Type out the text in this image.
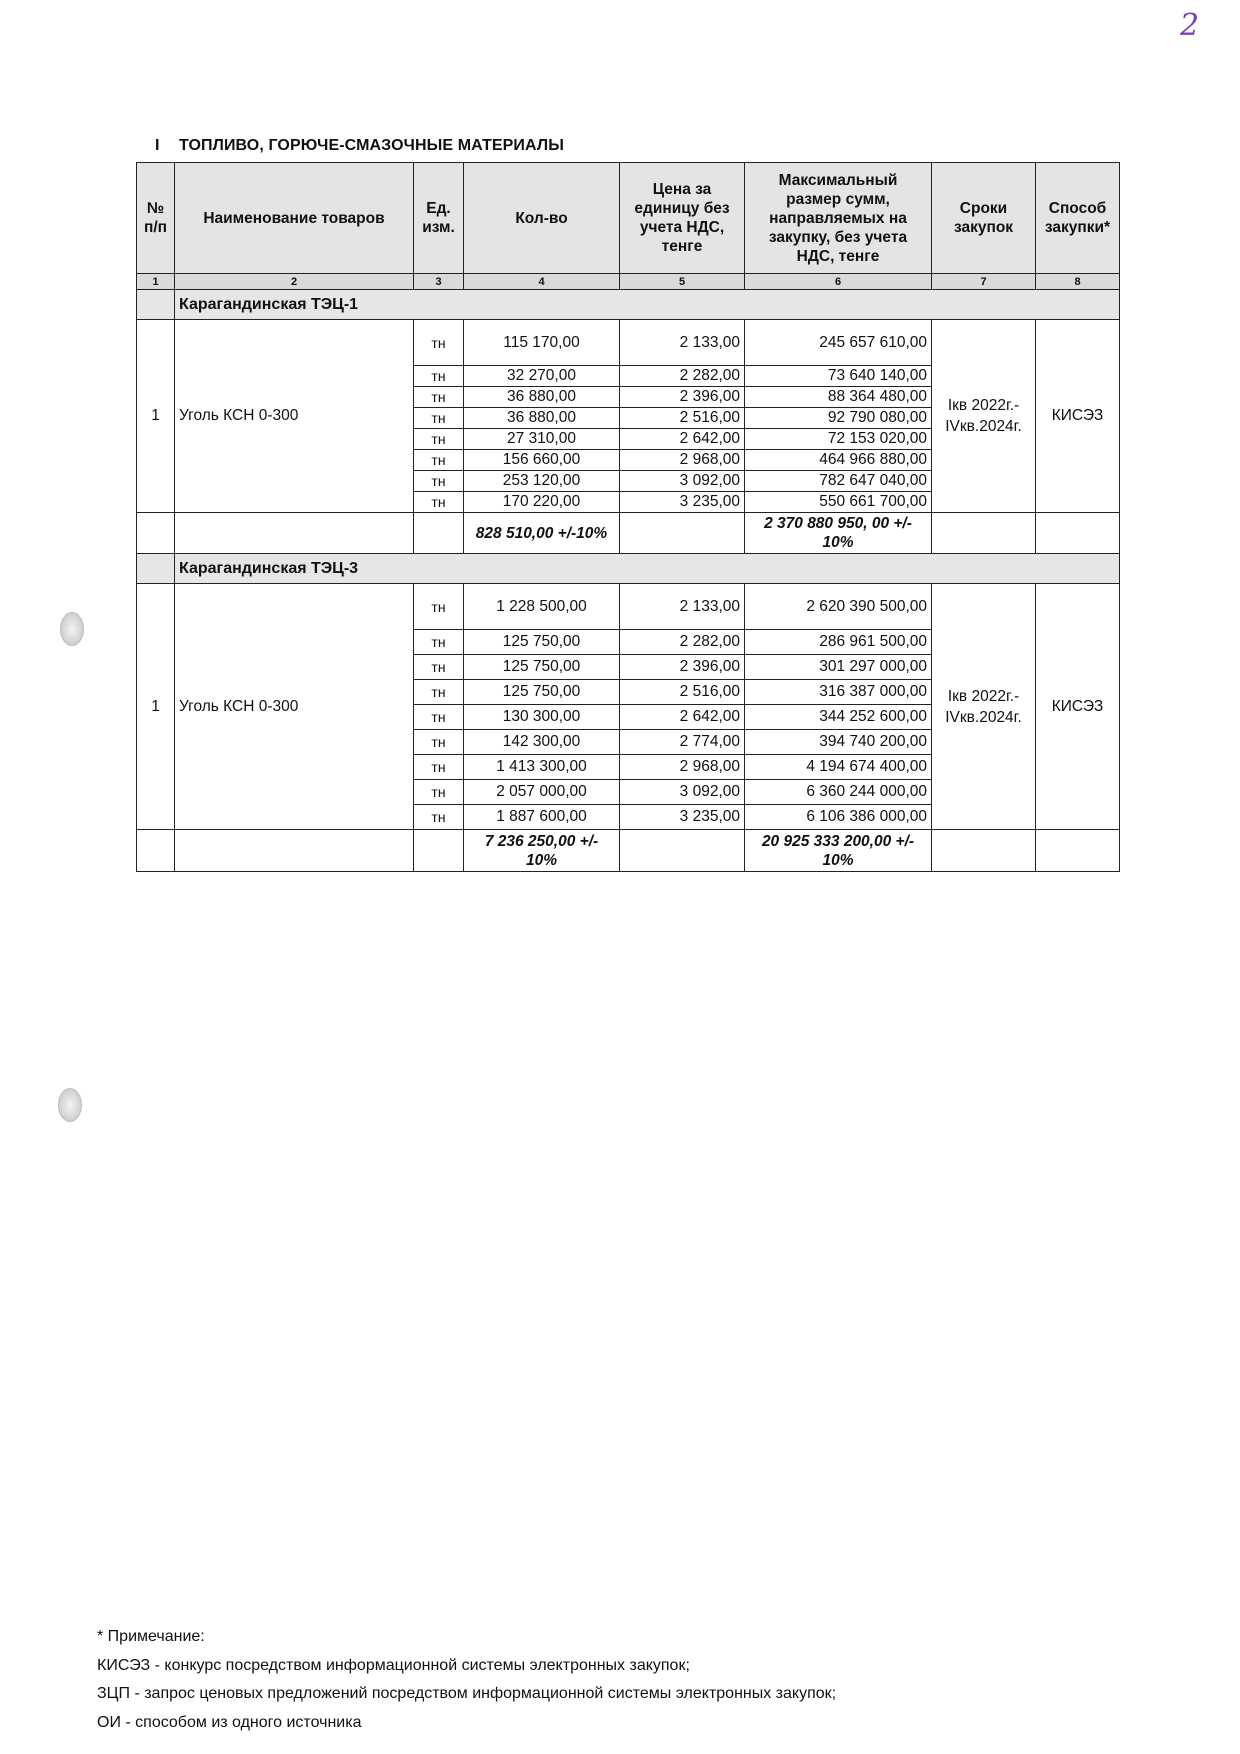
2
I ТОПЛИВО, ГОРЮЧЕ-СМАЗОЧНЫЕ МАТЕРИАЛЫ
№ п/п	Наименование товаров	Ед. изм.	Кол-во	Цена за единицу без учета НДС, тенге	Максимальный размер сумм, направляемых на закупку, без учета НДС, тенге	Сроки закупок	Способ закупки*
1	2	3	4	5	6	7	8
	Карагандинская ТЭЦ-1						
1	Уголь КСН 0-300	тн	115 170,00	2 133,00	245 657 610,00	Iкв 2022г.- IVкв.2024г.	КИСЭЗ
		тн	32 270,00	2 282,00	73 640 140,00		
		тн	36 880,00	2 396,00	88 364 480,00		
		тн	36 880,00	2 516,00	92 790 080,00		
		тн	27 310,00	2 642,00	72 153 020,00		
		тн	156 660,00	2 968,00	464 966 880,00		
		тн	253 120,00	3 092,00	782 647 040,00		
		тн	170 220,00	3 235,00	550 661 700,00		
			828 510,00 +/-10%		2 370 880 950, 00 +/- 10%		
	Карагандинская ТЭЦ-3						
1	Уголь КСН 0-300	тн	1 228 500,00	2 133,00	2 620 390 500,00	Iкв 2022г.- IVкв.2024г.	КИСЭЗ
		тн	125 750,00	2 282,00	286 961 500,00		
		тн	125 750,00	2 396,00	301 297 000,00		
		тн	125 750,00	2 516,00	316 387 000,00		
		тн	130 300,00	2 642,00	344 252 600,00		
		тн	142 300,00	2 774,00	394 740 200,00		
		тн	1 413 300,00	2 968,00	4 194 674 400,00		
		тн	2 057 000,00	3 092,00	6 360 244 000,00		
		тн	1 887 600,00	3 235,00	6 106 386 000,00		
			7 236 250,00 +/- 10%		20 925 333 200,00 +/- 10%		
* Примечание:
КИСЭЗ - конкурс посредством информационной системы электронных закупок;
ЗЦП - запрос ценовых предложений посредством информационной системы электронных закупок;
ОИ - способом из одного источника
